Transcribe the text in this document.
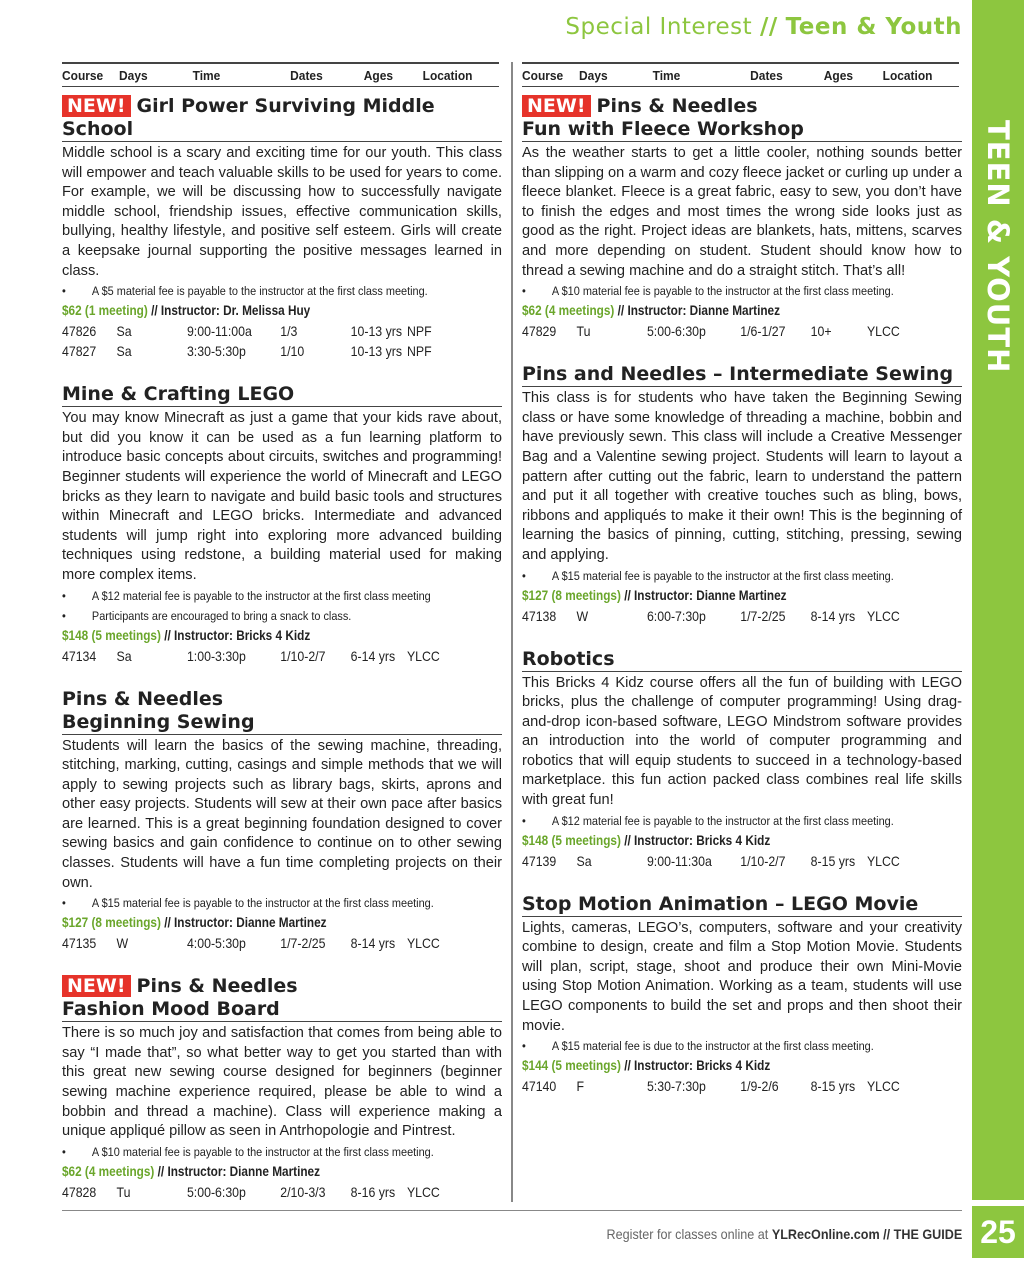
Special Interest // Teen & Youth
TEEN & YOUTH
Course	Days	Time	Dates	Ages	Location
NEW! Girl Power Surviving Middle School
Middle school is a scary and exciting time for our youth. This class will empower and teach valuable skills to be used for years to come. For example, we will be discussing how to successfully navigate middle school, friendship issues, effective communication skills, bullying, healthy lifestyle, and positive self esteem. Girls will create a keepsake journal supporting the positive messages learned in class.
• A $5 material fee is payable to the instructor at the first class meeting.
$62 (1 meeting) // Instructor: Dr. Melissa Huy
47826	Sa	9:00-11:00a	1/3	10-13 yrs NPF
47827	Sa	3:30-5:30p	1/10	10-13 yrs NPF
Mine & Crafting LEGO
You may know Minecraft as just a game that your kids rave about, but did you know it can be used as a fun learning platform to introduce basic concepts about circuits, switches and programming! Beginner students will experience the world of Minecraft and LEGO bricks as they learn to navigate and build basic tools and structures within Minecraft and LEGO bricks. Intermediate and advanced students will jump right into exploring more advanced building techniques using redstone, a building material used for making more complex items.
• A $12 material fee is payable to the instructor at the first class meeting
• Participants are encouraged to bring a snack to class.
$148 (5 meetings) // Instructor: Bricks 4 Kidz
47134	Sa	1:00-3:30p	1/10-2/7	6-14 yrs YLCC
Pins & Needles
Beginning Sewing
Students will learn the basics of the sewing machine, threading, stitching, marking, cutting, casings and simple methods that we will apply to sewing projects such as library bags, skirts, aprons and other easy projects. Students will sew at their own pace after basics are learned. This is a great beginning foundation designed to cover sewing basics and gain confidence to continue on to other sewing classes. Students will have a fun time completing projects on their own.
• A $15 material fee is payable to the instructor at the first class meeting.
$127 (8 meetings) // Instructor: Dianne Martinez
47135	W	4:00-5:30p	1/7-2/25	8-14 yrs YLCC
NEW! Pins & Needles
Fashion Mood Board
There is so much joy and satisfaction that comes from being able to say “I made that”, so what better way to get you started than with this great new sewing course designed for beginners (beginner sewing machine experience required, please be able to wind a bobbin and thread a machine). Class will experience making a unique appliqué pillow as seen in Antrhopologie and Pintrest.
• A $10 material fee is payable to the instructor at the first class meeting.
$62 (4 meetings) // Instructor: Dianne Martinez
47828	Tu	5:00-6:30p	2/10-3/3	8-16 yrs YLCC
Course	Days	Time	Dates	Ages	Location
NEW! Pins & Needles
Fun with Fleece Workshop
As the weather starts to get a little cooler, nothing sounds better than slipping on a warm and cozy fleece jacket or curling up under a fleece blanket. Fleece is a great fabric, easy to sew, you don’t have to finish the edges and most times the wrong side looks just as good as the right. Project ideas are blankets, hats, mittens, scarves and more depending on student. Student should know how to thread a sewing machine and do a straight stitch. That’s all!
• A $10 material fee is payable to the instructor at the first class meeting.
$62 (4 meetings) // Instructor: Dianne Martinez
47829	Tu	5:00-6:30p	1/6-1/27	10+	YLCC
Pins and Needles – Intermediate Sewing
This class is for students who have taken the Beginning Sewing class or have some knowledge of threading a machine, bobbin and have previously sewn. This class will include a Creative Messenger Bag and a Valentine sewing project. Students will learn to layout a pattern after cutting out the fabric, learn to understand the pattern and put it all together with creative touches such as bling, bows, ribbons and appliqués to make it their own! This is the beginning of learning the basics of pinning, cutting, stitching, pressing, sewing and applying.
• A $15 material fee is payable to the instructor at the first class meeting.
$127 (8 meetings) // Instructor: Dianne Martinez
47138	W	6:00-7:30p	1/7-2/25	8-14 yrs YLCC
Robotics
This Bricks 4 Kidz course offers all the fun of building with LEGO bricks, plus the challenge of computer programming! Using drag-and-drop icon-based software, LEGO Mindstrom software provides an introduction into the world of computer programming and robotics that will equip students to succeed in a technology-based marketplace. this fun action packed class combines real life skills with great fun!
• A $12 material fee is payable to the instructor at the first class meeting.
$148 (5 meetings) // Instructor: Bricks 4 Kidz
47139	Sa	9:00-11:30a	1/10-2/7	8-15 yrs YLCC
Stop Motion Animation – LEGO Movie
Lights, cameras, LEGO’s, computers, software and your creativity combine to design, create and film a Stop Motion Movie. Students will plan, script, stage, shoot and produce their own Mini-Movie using Stop Motion Animation. Working as a team, students will use LEGO components to build the set and props and then shoot their movie.
• A $15 material fee is due to the instructor at the first class meeting.
$144 (5 meetings) // Instructor: Bricks 4 Kidz
47140	F	5:30-7:30p	1/9-2/6	8-15 yrs YLCC
Register for classes online at YLRecOnline.com // THE GUIDE 25
